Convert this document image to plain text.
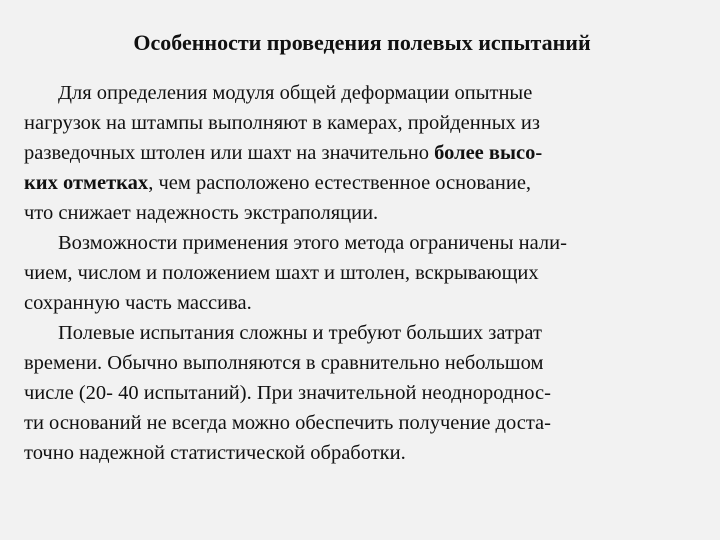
Особенности проведения полевых испытаний
Для определения модуля общей деформации опытные
нагрузок на штампы выполняют в камерах, пройденных из
разведочных штолен или шахт на значительно более высо-
ких отметках, чем расположено естественное основание,
что снижает надежность экстраполяции.
Возможности применения этого метода ограничены нали-
чием, числом и положением шахт и штолен, вскрывающих
сохранную часть массива.
Полевые испытания сложны и требуют больших затрат
времени. Обычно выполняются в сравнительно небольшом
числе (20- 40 испытаний). При значительной неоднороднос-
ти оснований не всегда можно обеспечить получение доста-
точно надежной статистической обработки.
